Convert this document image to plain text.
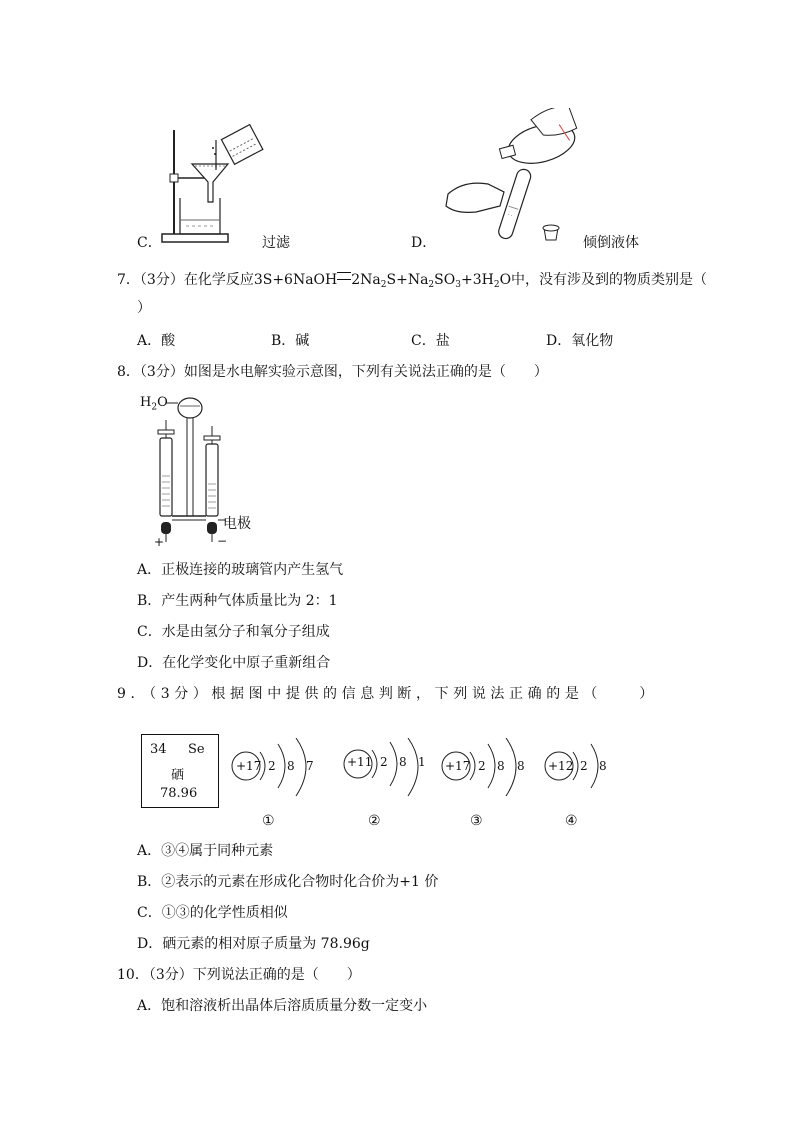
C．	过滤	D．	倾倒液体
7．（3分）在化学反应3S+6NaOH $2Na_2S+Na_2SO_3+3H_2O$中，没有涉及到的物质类别是（
）
A．酸	B．碱	C．盐	D．氧化物
8．（3分）如图是水电解实验示意图，下列有关说法正确的是（　　）
$H_2O$
电极
+	−
A．正极连接的玻璃管内产生氢气
B．产生两种气体质量比为 2：1
C．水是由氢分子和氧分子组成
D．在化学变化中原子重新组合
9．（3分）根据图中提供的信息判断，下列说法正确的是（　　）
34 Se
硒
78.96
+17 2 8 7
①
+11 2 8 1
②
+17 2 8 8
③
+12 2 8
④
A．③④属于同种元素
B．②表示的元素在形成化合物时化合价为+1 价
C．①③的化学性质相似
D．硒元素的相对原子质量为 78.96g
10．（3分）下列说法正确的是（　　）
A．饱和溶液析出晶体后溶质质量分数一定变小
